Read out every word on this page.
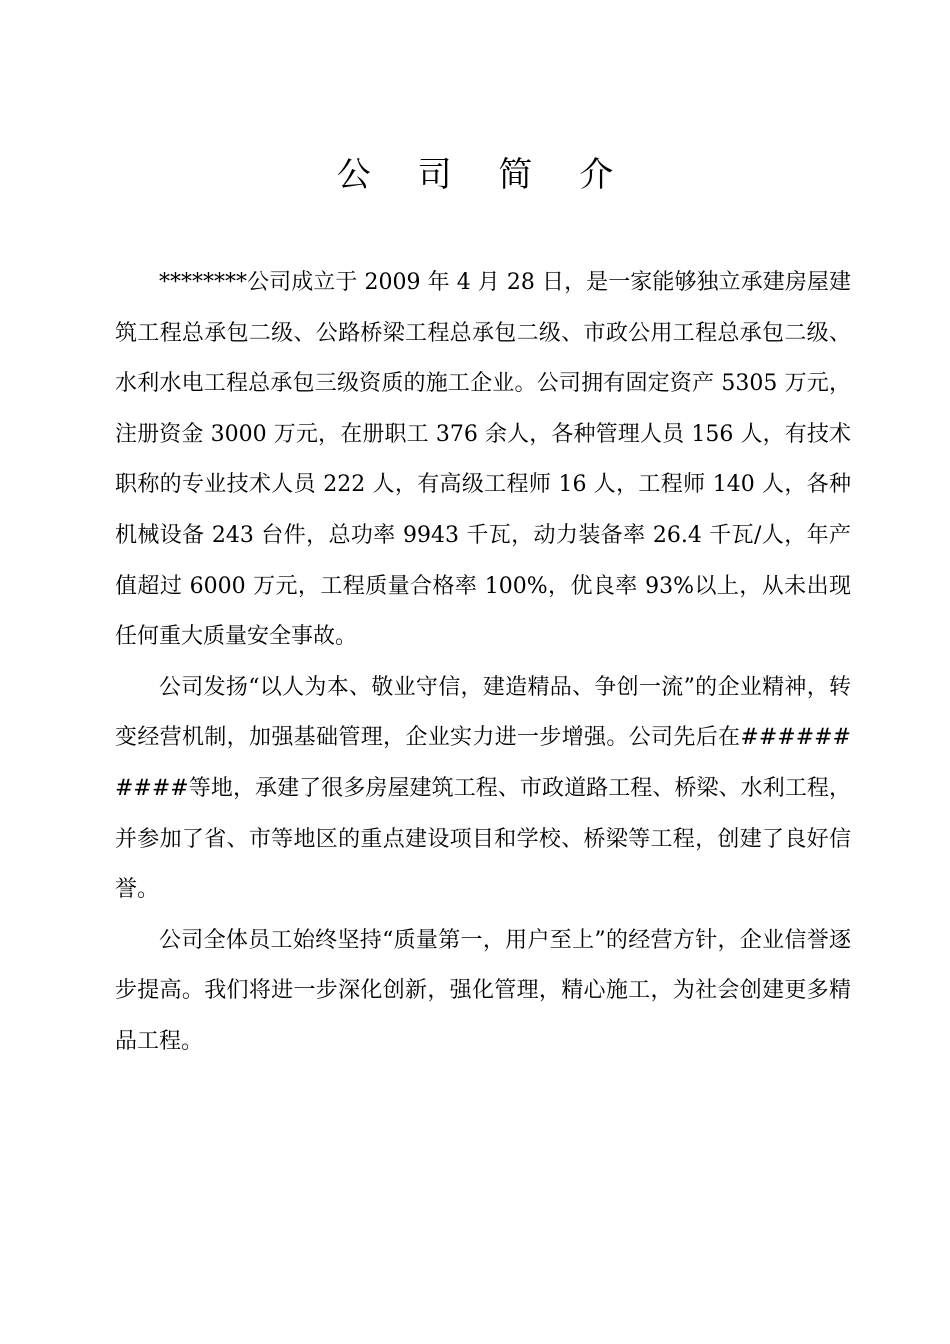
公 司 简 介

********公司成立于 2009 年 4 月 28 日，是一家能够独立承建房屋建筑工程总承包二级、公路桥梁工程总承包二级、市政公用工程总承包二级、水利水电工程总承包三级资质的施工企业。公司拥有固定资产 5305 万元，注册资金 3000 万元，在册职工 376 余人，各种管理人员 156 人，有技术职称的专业技术人员 222 人，有高级工程师 16 人，工程师 140 人，各种机械设备 243 台件，总功率 9943 千瓦，动力装备率 26.4 千瓦/人，年产值超过 6000 万元，工程质量合格率 100%，优良率 93%以上，从未出现任何重大质量安全事故。

公司发扬“以人为本、敬业守信，建造精品、争创一流”的企业精神，转变经营机制，加强基础管理，企业实力进一步增强。公司先后在##########等地，承建了很多房屋建筑工程、市政道路工程、桥梁、水利工程，并参加了省、市等地区的重点建设项目和学校、桥梁等工程，创建了良好信誉。

公司全体员工始终坚持“质量第一，用户至上”的经营方针，企业信誉逐步提高。我们将进一步深化创新，强化管理，精心施工，为社会创建更多精品工程。
